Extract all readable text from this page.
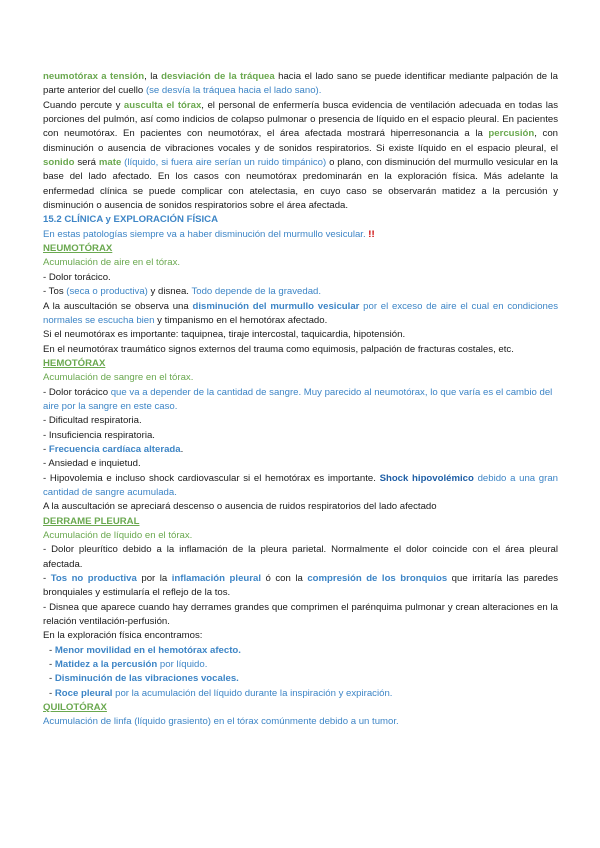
neumotórax a tensión, la desviación de la tráquea hacia el lado sano se puede identificar mediante palpación de la parte anterior del cuello (se desvía la tráquea hacia el lado sano).

Cuando percute y ausculta el tórax, el personal de enfermería busca evidencia de ventilación adecuada en todas las porciones del pulmón, así como indicios de colapso pulmonar o presencia de líquido en el espacio pleural. En pacientes con neumotórax. En pacientes con neumotórax, el área afectada mostrará hiperresonancia a la percusión, con disminución o ausencia de vibraciones vocales y de sonidos respiratorios. Si existe líquido en el espacio pleural, el sonido será mate (líquido, si fuera aire serían un ruido timpánico) o plano, con disminución del murmullo vesicular en la base del lado afectado. En los casos con neumotórax predominarán en la exploración física. Más adelante la enfermedad clínica se puede complicar con atelectasia, en cuyo caso se observarán matidez a la percusión y disminución o ausencia de sonidos respiratorios sobre el área afectada.

15.2 CLÍNICA y EXPLORACIÓN FÍSICA

En estas patologías siempre va a haber disminución del murmullo vesicular. !!

NEUMOTÓRAX

Acumulación de aire en el tórax.

- Dolor torácico.

- Tos (seca o productiva) y disnea. Todo depende de la gravedad.

A la auscultación se observa una disminución del murmullo vesicular por el exceso de aire el cual en condiciones normales se escucha bien y timpanismo en el hemotórax afectado.

Si el neumotórax es importante: taquipnea, tiraje intercostal, taquicardia, hipotensión.

En el neumotórax traumático signos externos del trauma como equimosis, palpación de fracturas costales, etc.

HEMOTÓRAX

Acumulación de sangre en el tórax.

- Dolor torácico que va a depender de la cantidad de sangre. Muy parecido al neumotórax, lo que varía es el cambio del aire por la sangre en este caso.

- Dificultad respiratoria.

- Insuficiencia respiratoria.

- Frecuencia cardíaca alterada.

- Ansiedad e inquietud.

- Hipovolemia e incluso shock cardiovascular si el hemotórax es importante. Shock hipovolémico debido a una gran cantidad de sangre acumulada.

A la auscultación se apreciará descenso o ausencia de ruidos respiratorios del lado afectado

DERRAME PLEURAL

Acumulación de líquido en el tórax.

- Dolor pleurítico debido a la inflamación de la pleura parietal. Normalmente el dolor coincide con el área pleural afectada.

- Tos no productiva por la inflamación pleural ó con la compresión de los bronquios que irritaría las paredes bronquiales y estimularía el reflejo de la tos.

- Disnea que aparece cuando hay derrames grandes que comprimen el parénquima pulmonar y crean alteraciones en la relación ventilación-perfusión.

En la exploración física encontramos:

- Menor movilidad en el hemotórax afecto.

- Matidez a la percusión por líquido.

- Disminución de las vibraciones vocales.

- Roce pleural por la acumulación del líquido durante la inspiración y expiración.

QUILOTÓRAX

Acumulación de linfa (líquido grasiento) en el tórax comúnmente debido a un tumor.
